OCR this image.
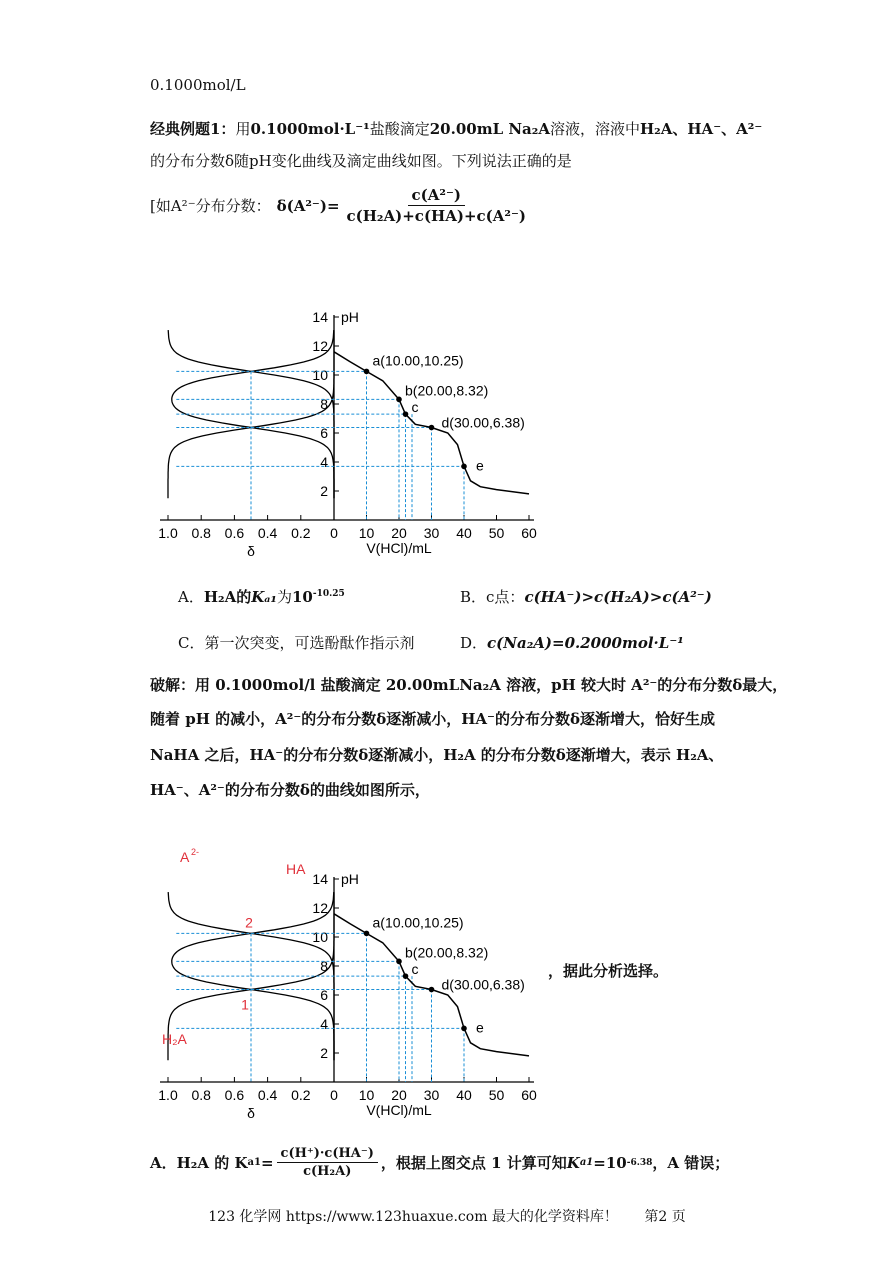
0.1000mol/L
经典例题1：用0.1000mol·L⁻¹盐酸滴定20.00mL Na₂A溶液，溶液中H₂A、HA⁻、A²⁻
的分布分数δ随pH变化曲线及滴定曲线如图。下列说法正确的是
[如A²⁻分布分数： $\delta(A^{2-})= \frac{\text{c(A²⁻)}}{\text{c(H₂A)+c(HA)+c(A²⁻)}}$
2
4
6
8
10
12
14 pH
0 10 20 30 40 50 60
1.0 0.8 0.6 0.4 0.2
δ	V(HCl)/mL
a(10.00,10.25)
b(20.00,8.32)
c
d(30.00,6.38)
e
A．H₂A的Kₐ₁为$10^{-10.25}$	B．c点：c(HA⁻)>c(H₂A)>c(A²⁻)
C．第一次突变，可选酚酞作指示剂	D．c(Na₂A)=0.2000mol·L⁻¹
破解：用 0.1000mol/l 盐酸滴定 20.00mLNa₂A 溶液，pH 较大时 A²⁻的分布分数δ最大，
随着 pH 的减小，A²⁻的分布分数δ逐渐减小，HA⁻的分布分数δ逐渐增大，恰好生成
NaHA 之后，HA⁻的分布分数δ逐渐减小，H₂A 的分布分数δ逐渐增大，表示 H₂A、
HA⁻、A²⁻的分布分数δ的曲线如图所示，
2
4
6
8
10
12
14 pH
0 10 20 30 40 50 60
1.0 0.8 0.6 0.4 0.2
δ	V(HCl)/mL
a(10.00,10.25)
b(20.00,8.32)
c
d(30.00,6.38)
e
A 2-
HA
H₂A
2
1
，据此分析选择。
A．H₂A 的 K $a1 = \frac{c(H^+)\cdot c(HA^-)}{\text{c(H₂A)}}$ ，根据上图交点 1 计算可知 K a1 =10 -6.38 ，A 错误；
123 化学网 https://www.123huaxue.com 最大的化学资料库！ 第2 页
